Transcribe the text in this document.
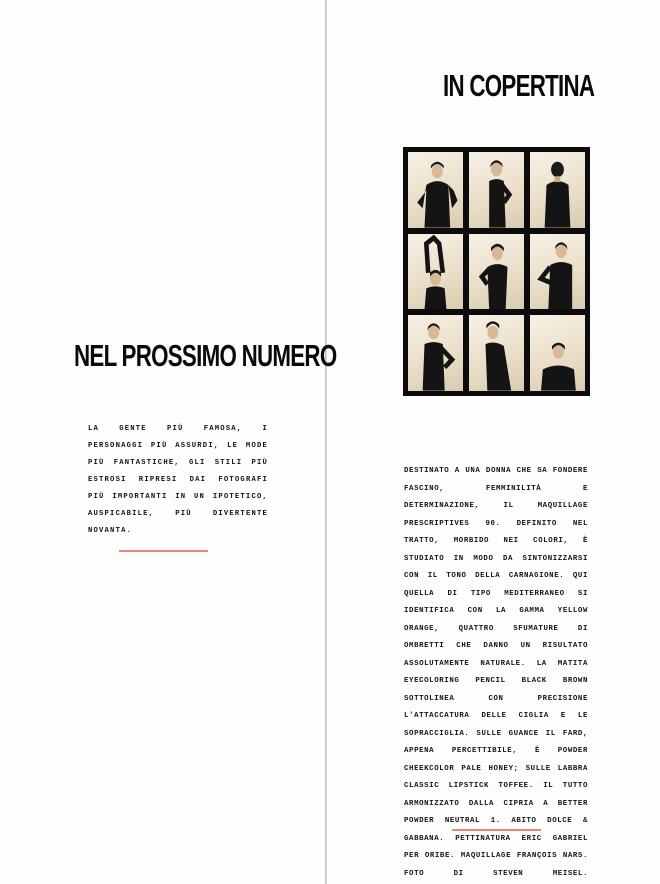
NEL PROSSIMO NUMERO

LA GENTE PIÙ FAMOSA, I PERSONAGGI PIÙ ASSURDI, LE MODE PIÙ FANTASTICHE, GLI STILI PIÙ ESTROSI RIPRESI DAI FOTOGRAFI PIÙ IMPORTANTI IN UN IPOTETICO, AUSPICABILE, PIÙ DIVERTENTE NOVANTA.

IN COPERTINA

DESTINATO A UNA DONNA CHE SA FONDERE FASCINO, FEMMINILITÀ E DETERMINAZIONE, IL MAQUILLAGE PRESCRIPTIVES 90. DEFINITO NEL TRATTO, MORBIDO NEI COLORI, È STUDIATO IN MODO DA SINTONIZZARSI CON IL TONO DELLA CARNAGIONE. QUI QUELLA DI TIPO MEDITERRANEO SI IDENTIFICA CON LA GAMMA YELLOW ORANGE, QUATTRO SFUMATURE DI OMBRETTI CHE DANNO UN RISULTATO ASSOLUTAMENTE NATURALE. LA MATITA EYECOLORING PENCIL BLACK BROWN SOTTOLINEA CON PRECISIONE L'ATTACCATURA DELLE CIGLIA E LE SOPRACCIGLIA. SULLE GUANCE IL FARD, APPENA PERCETTIBILE, È POWDER CHEEKCOLOR PALE HONEY; SULLE LABBRA CLASSIC LIPSTICK TOFFEE. IL TUTTO ARMONIZZATO DALLA CIPRIA A BETTER POWDER NEUTRAL 1. ABITO DOLCE & GABBANA. PETTINATURA ERIC GABRIEL PER ORIBE. MAQUILLAGE FRANÇOIS NARS. FOTO DI STEVEN MEISEL.
